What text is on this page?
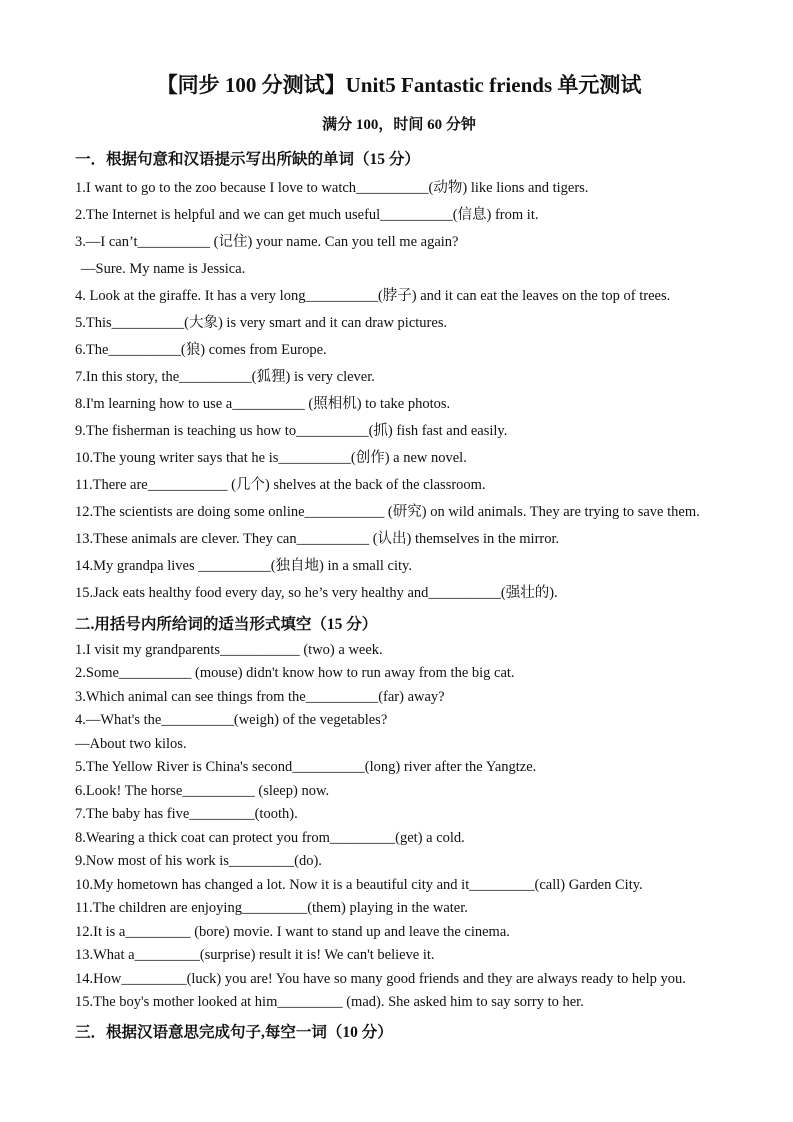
【同步 100 分测试】Unit5 Fantastic friends 单元测试

满分 100，时间 60 分钟

一．根据句意和汉语提示写出所缺的单词（15 分）

1.I want to go to the zoo because I love to watch__________(动物) like lions and tigers.

2.The Internet is helpful and we can get much useful__________(信息) from it.

3.—I can’t__________ (记住) your name. Can you tell me again?

—Sure. My name is Jessica.

4. Look at the giraffe. It has a very long__________(脖子) and it can eat the leaves on the top of trees.

5.This__________(大象) is very smart and it can draw pictures.

6.The__________(狼) comes from Europe.

7.In this story, the__________(狐狸) is very clever.

8.I'm learning how to use a__________ (照相机) to take photos.

9.The fisherman is teaching us how to__________(抓) fish fast and easily.

10.The young writer says that he is__________(创作) a new novel.

11.There are___________ (几个) shelves at the back of the classroom.

12.The scientists are doing some online___________ (研究) on wild animals. They are trying to save them.

13.These animals are clever. They can__________ (认出) themselves in the mirror.

14.My grandpa lives __________(独自地) in a small city.

15.Jack eats healthy food every day, so he’s very healthy and__________(强壮的).

二.用括号内所给词的适当形式填空（15 分）

1.I visit my grandparents___________ (two) a week.

2.Some__________ (mouse) didn't know how to run away from the big cat.

3.Which animal can see things from the__________(far) away?

4.—What's the__________(weigh) of the vegetables?

—About two kilos.

5.The Yellow River is China's second__________(long) river after the Yangtze.

6.Look! The horse__________ (sleep) now.

7.The baby has five_________(tooth).

8.Wearing a thick coat can protect you from_________(get) a cold.

9.Now most of his work is_________(do).

10.My hometown has changed a lot. Now it is a beautiful city and it_________(call) Garden City.

11.The children are enjoying_________(them) playing in the water.

12.It is a_________ (bore) movie. I want to stand up and leave the cinema.

13.What a_________(surprise) result it is! We can't believe it.

14.How_________(luck) you are! You have so many good friends and they are always ready to help you.

15.The boy's mother looked at him_________ (mad). She asked him to say sorry to her.

三．根据汉语意思完成句子,每空一词（10 分）
